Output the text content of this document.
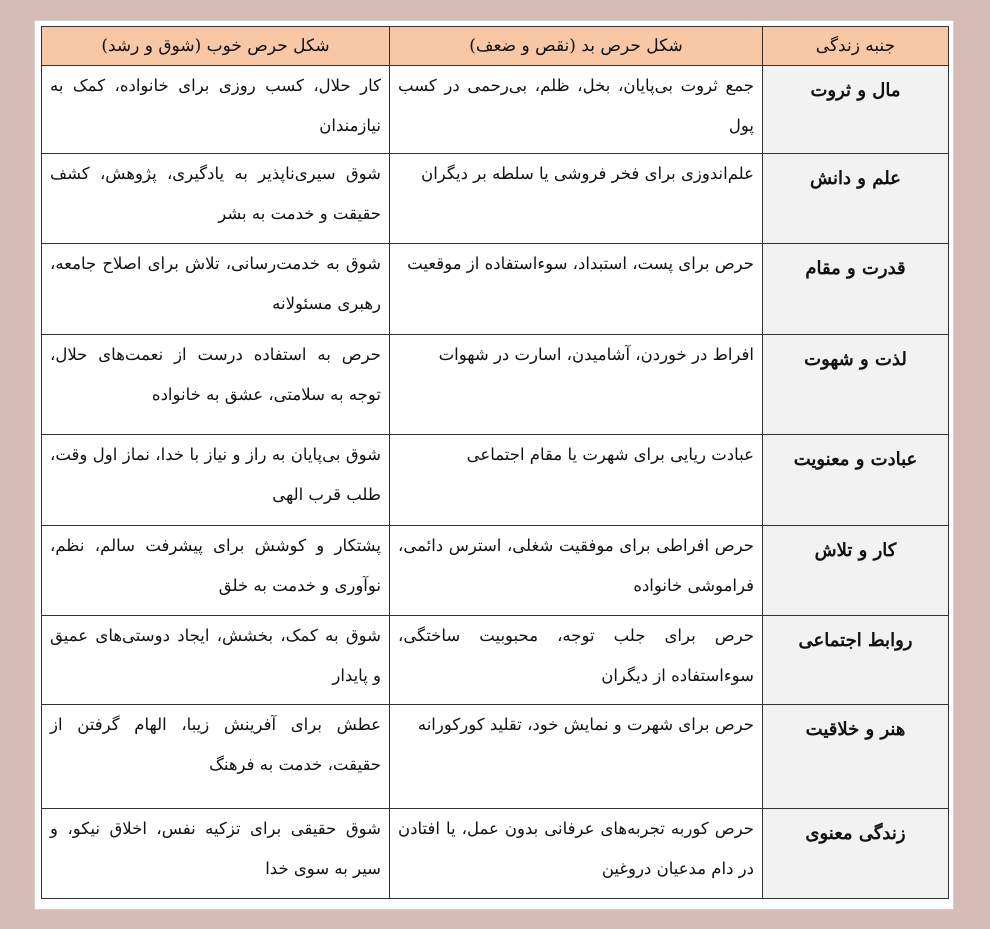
جنبه زندگی	شکل حرص بد (نقص و ضعف)	شکل حرص خوب (شوق و رشد)
مال و ثروت	جمع ثروت بی‌پایان، بخل، ظلم، بی‌رحمی در کسب پول	کار حلال، کسب روزی برای خانواده، کمک به نیازمندان
علم و دانش	علم‌اندوزی برای فخر فروشی یا سلطه بر دیگران	شوق سیری‌ناپذیر به یادگیری، پژوهش، کشف حقیقت و خدمت به بشر
قدرت و مقام	حرص برای پست، استبداد، سوءاستفاده از موقعیت	شوق به خدمت‌رسانی، تلاش برای اصلاح جامعه، رهبری مسئولانه
لذت و شهوت	افراط در خوردن، آشامیدن، اسارت در شهوات	حرص به استفاده درست از نعمت‌های حلال، توجه به سلامتی، عشق به خانواده
عبادت و معنویت	عبادت ریایی برای شهرت یا مقام اجتماعی	شوق بی‌پایان به راز و نیاز با خدا، نماز اول وقت، طلب قرب الهی
کار و تلاش	حرص افراطی برای موفقیت شغلی، استرس دائمی، فراموشی خانواده	پشتکار و کوشش برای پیشرفت سالم، نظم، نوآوری و خدمت به خلق
روابط اجتماعی	حرص برای جلب توجه، محبوبیت ساختگی، سوءاستفاده از دیگران	شوق به کمک، بخشش، ایجاد دوستی‌های عمیق و پایدار
هنر و خلاقیت	حرص برای شهرت و نمایش خود، تقلید کورکورانه	عطش برای آفرینش زیبا، الهام گرفتن از حقیقت، خدمت به فرهنگ
زندگی معنوی	حرص کوربه تجربه‌های عرفانی بدون عمل، یا افتادن در دام مدعیان دروغین	شوق حقیقی برای تزکیه نفس، اخلاق نیکو، و سیر به سوی خدا
